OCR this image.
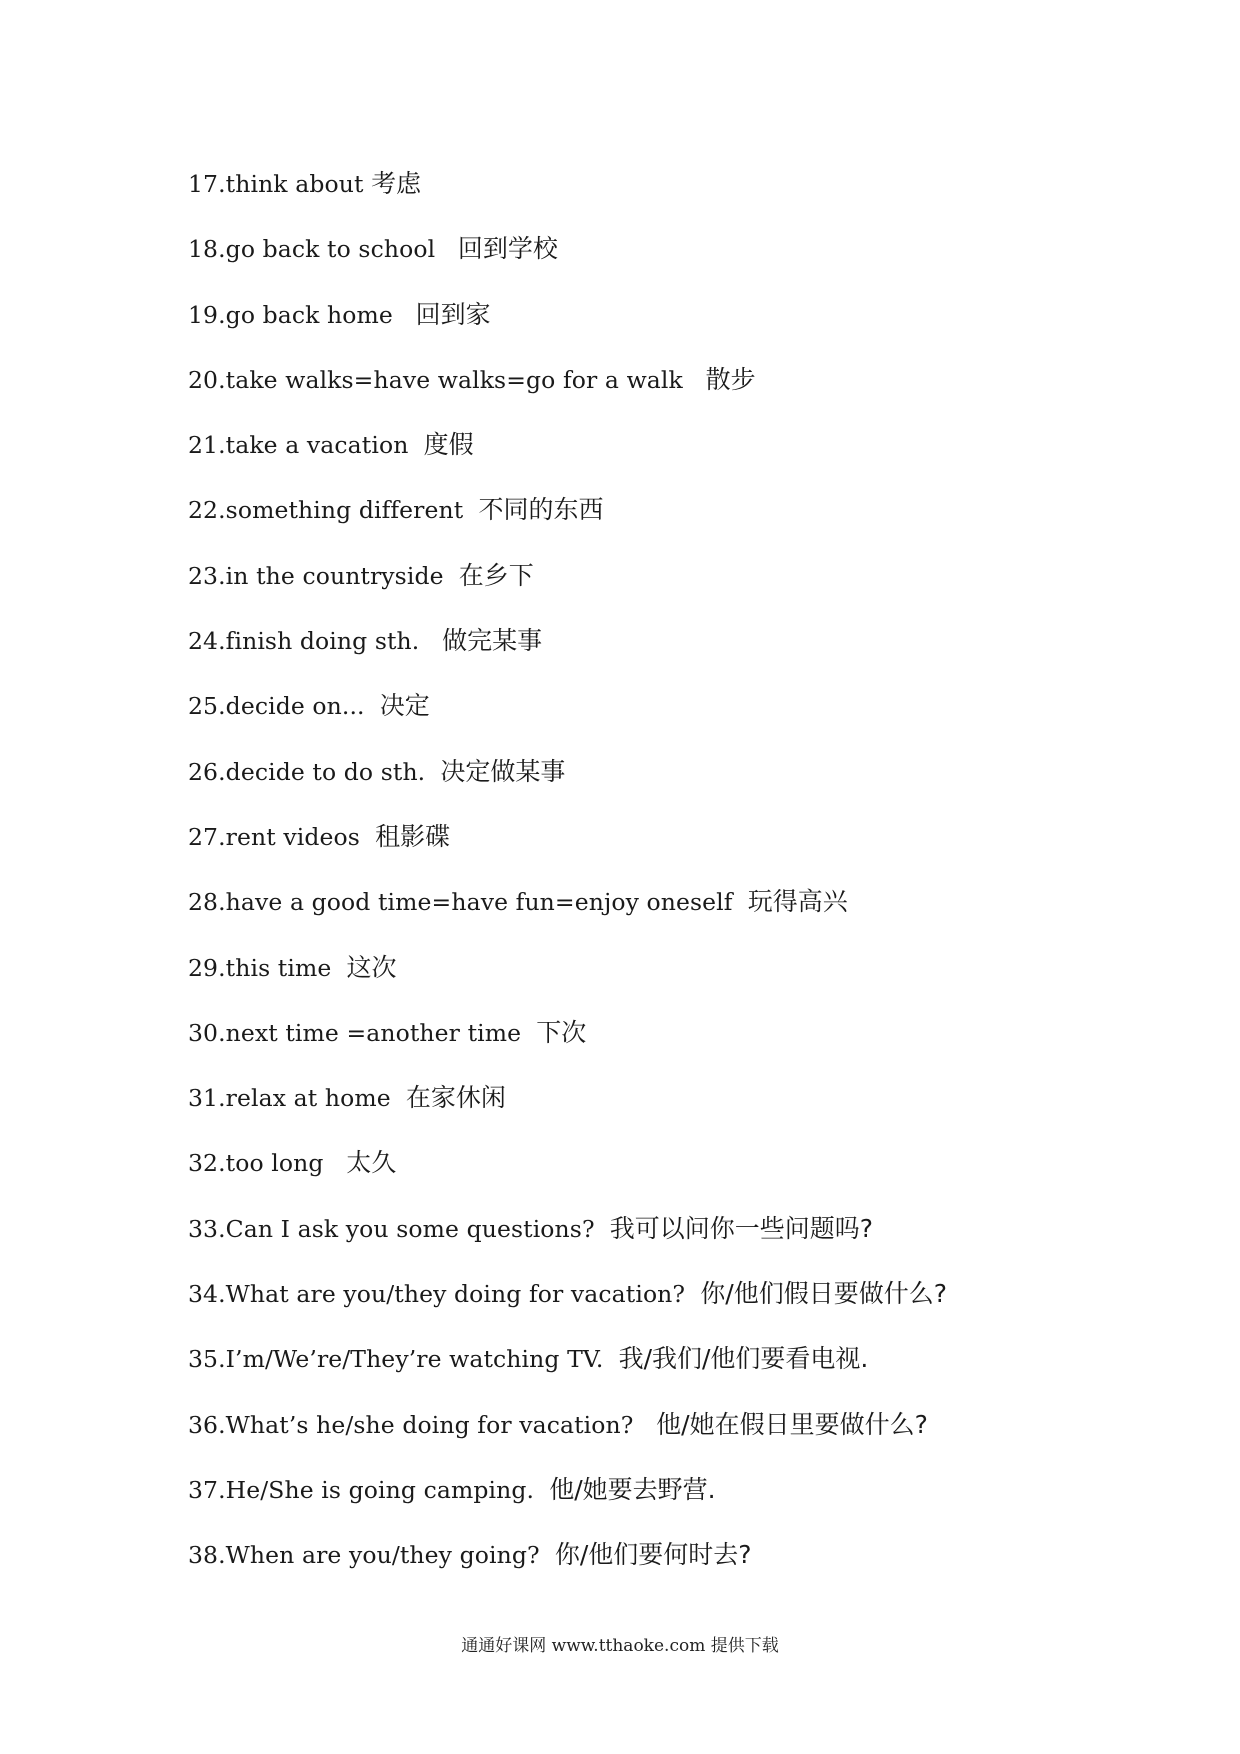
17.think about 考虑
18.go back to school   回到学校
19.go back home   回到家
20.take walks=have walks=go for a walk   散步
21.take a vacation  度假
22.something different  不同的东西
23.in the countryside  在乡下
24.finish doing sth.   做完某事
25.decide on...  决定
26.decide to do sth.  决定做某事
27.rent videos  租影碟
28.have a good time=have fun=enjoy oneself  玩得高兴
29.this time  这次
30.next time =another time  下次
31.relax at home  在家休闲
32.too long   太久
33.Can I ask you some questions?  我可以问你一些问题吗?
34.What are you/they doing for vacation?  你/他们假日要做什么?
35.I’m/We’re/They’re watching TV.  我/我们/他们要看电视.
36.What’s he/she doing for vacation?   他/她在假日里要做什么?
37.He/She is going camping.  他/她要去野营.
38.When are you/they going?  你/他们要何时去?
通通好课网 www.tthaoke.com 提供下载
